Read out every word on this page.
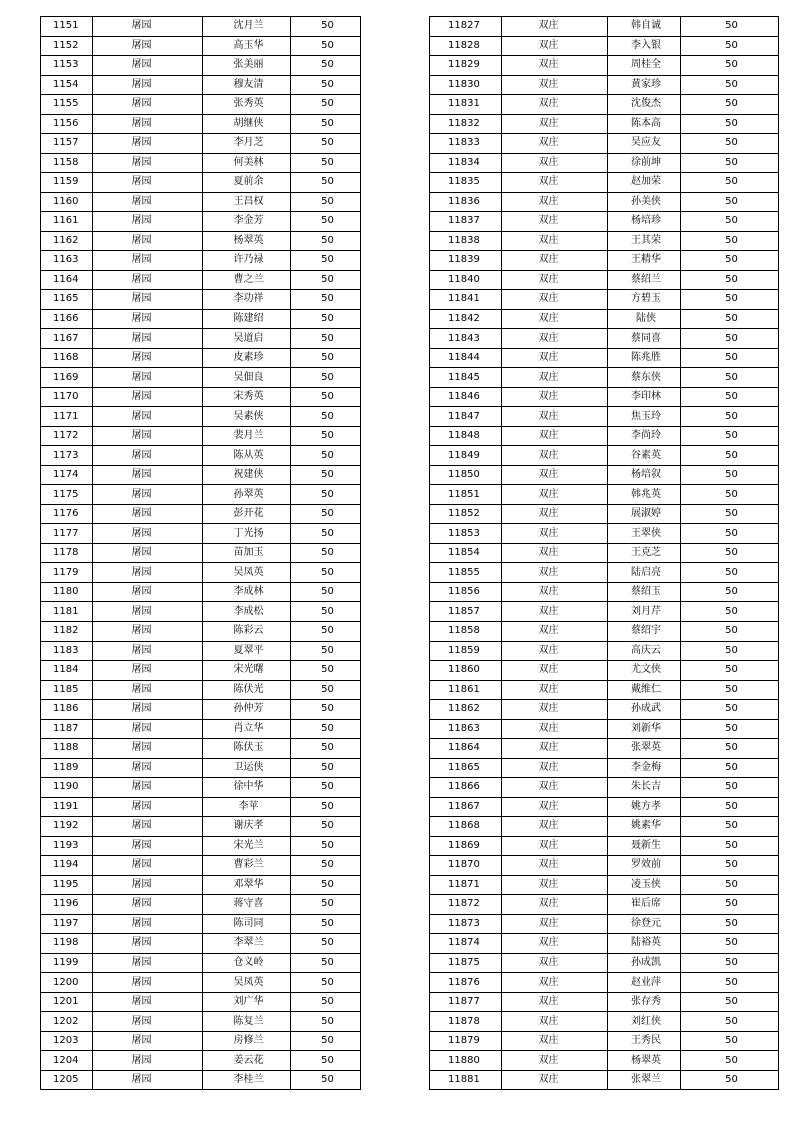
1151	屠园	沈月兰	50
1152	屠园	高玉华	50
1153	屠园	张美丽	50
1154	屠园	穆友清	50
1155	屠园	张秀英	50
1156	屠园	胡继侠	50
1157	屠园	李月芝	50
1158	屠园	何美林	50
1159	屠园	夏前余	50
1160	屠园	王昌权	50
1161	屠园	李金芳	50
1162	屠园	杨翠英	50
1163	屠园	许乃禄	50
1164	屠园	曹之兰	50
1165	屠园	李功祥	50
1166	屠园	陈建绍	50
1167	屠园	吴道启	50
1168	屠园	皮素珍	50
1169	屠园	吴佃良	50
1170	屠园	宋秀英	50
1171	屠园	吴素侠	50
1172	屠园	裴月兰	50
1173	屠园	陈从英	50
1174	屠园	祝建侠	50
1175	屠园	孙翠英	50
1176	屠园	彭开花	50
1177	屠园	丁光扬	50
1178	屠园	苗加玉	50
1179	屠园	吴凤英	50
1180	屠园	李成林	50
1181	屠园	李成松	50
1182	屠园	陈彩云	50
1183	屠园	夏翠平	50
1184	屠园	宋光曙	50
1185	屠园	陈伏光	50
1186	屠园	孙仲芳	50
1187	屠园	肖立华	50
1188	屠园	陈伏玉	50
1189	屠园	卫运侠	50
1190	屠园	徐中华	50
1191	屠园	李苹	50
1192	屠园	谢庆孝	50
1193	屠园	宋光兰	50
1194	屠园	曹彩兰	50
1195	屠园	邓翠华	50
1196	屠园	蒋守喜	50
1197	屠园	陈司同	50
1198	屠园	李翠兰	50
1199	屠园	仓义岭	50
1200	屠园	吴凤英	50
1201	屠园	刘广华	50
1202	屠园	陈复兰	50
1203	屠园	房修兰	50
1204	屠园	姜云花	50
1205	屠园	李桂兰	50
11827	双庄	韩自诚	50
11828	双庄	李入银	50
11829	双庄	周桂全	50
11830	双庄	黄家珍	50
11831	双庄	沈俊杰	50
11832	双庄	陈本高	50
11833	双庄	吴应友	50
11834	双庄	徐前坤	50
11835	双庄	赵加荣	50
11836	双庄	孙美侠	50
11837	双庄	杨培珍	50
11838	双庄	王其荣	50
11839	双庄	王精华	50
11840	双庄	蔡绍兰	50
11841	双庄	方碧玉	50
11842	双庄	陆侠	50
11843	双庄	蔡同喜	50
11844	双庄	陈兆胜	50
11845	双庄	蔡东侠	50
11846	双庄	李印林	50
11847	双庄	焦玉玲	50
11848	双庄	李尚玲	50
11849	双庄	谷素英	50
11850	双庄	杨培叙	50
11851	双庄	韩兆英	50
11852	双庄	展淑婷	50
11853	双庄	王翠侠	50
11854	双庄	王克芝	50
11855	双庄	陆启亮	50
11856	双庄	蔡绍玉	50
11857	双庄	刘月芹	50
11858	双庄	蔡绍宇	50
11859	双庄	高庆云	50
11860	双庄	尤文侠	50
11861	双庄	戴维仁	50
11862	双庄	孙成武	50
11863	双庄	刘新华	50
11864	双庄	张翠英	50
11865	双庄	李金梅	50
11866	双庄	朱长吉	50
11867	双庄	姚方孝	50
11868	双庄	姚素华	50
11869	双庄	聂新生	50
11870	双庄	罗效前	50
11871	双庄	凌玉侠	50
11872	双庄	崔后席	50
11873	双庄	徐登元	50
11874	双庄	陆裕英	50
11875	双庄	孙成凯	50
11876	双庄	赵业萍	50
11877	双庄	张存秀	50
11878	双庄	刘红侠	50
11879	双庄	王秀民	50
11880	双庄	杨翠英	50
11881	双庄	张翠兰	50
